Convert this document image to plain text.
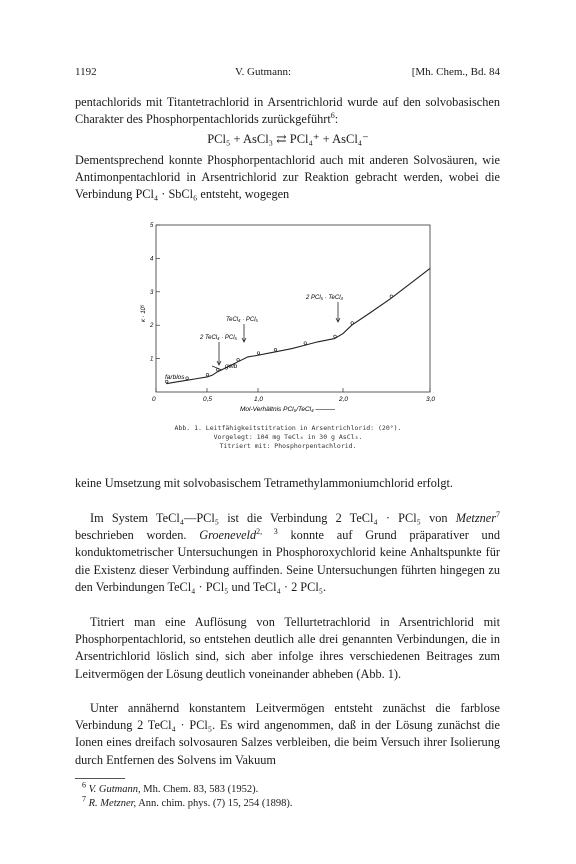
1192	V. Gutmann:	[Mh. Chem., Bd. 84

pentachlorids mit Titantetrachlorid in Arsentrichlorid wurde auf den solvobasischen Charakter des Phosphorpentachlorids zurückgeführt$^6$:

PCl₅ + AsCl₃ ⇄ PCl₄⁺ + AsCl₄⁻

Dementsprechend konnte Phosphorpentachlorid auch mit anderen Solvosäuren, wie Antimonpentachlorid in Arsentrichlorid zur Reaktion gebracht werden, wobei die Verbindung PCl₄ · SbCl₆ entsteht, wogegen

1
2
3
4
5
0	0,5	1,0	2,0	3,0
κ · 10⁵
Mol-Verhältnis PCl₅/TeCl₄ ———
farblos
gelb
2 TeCl₄ · PCl₅
TeCl₄ · PCl₅
2 PCl₅ · TeCl₄
Abb. 1. Leitfähigkeitstitration in Arsentrichlorid: (20°).
Vorgelegt: 104 mg TeCl₄ in 30 g AsCl₃.
Titriert mit: Phosphorpentachlorid.

keine Umsetzung mit solvobasischem Tetramethylammoniumchlorid erfolgt.

Im System TeCl₄—PCl₅ ist die Verbindung 2 TeCl₄ · PCl₅ von Metzner$^7$ beschrieben worden. Groeneveld$^{2, 3}$ konnte auf Grund präparativer und konduktometrischer Untersuchungen in Phosphoroxychlorid keine Anhaltspunkte für die Existenz dieser Verbindung auffinden. Seine Untersuchungen führten hingegen zu den Verbindungen TeCl₄ · PCl₅ und TeCl₄ · 2 PCl₅.

Titriert man eine Auflösung von Tellurtetrachlorid in Arsentrichlorid mit Phosphorpentachlorid, so entstehen deutlich alle drei genannten Verbindungen, die in Arsentrichlorid löslich sind, sich aber infolge ihres verschiedenen Beitrages zum Leitvermögen der Lösung deutlich voneinander abheben (Abb. 1).

Unter annähernd konstantem Leitvermögen entsteht zunächst die farblose Verbindung 2 TeCl₄ · PCl₅. Es wird angenommen, daß in der Lösung zunächst die Ionen eines dreifach solvosauren Salzes verbleiben, die beim Versuch ihrer Isolierung durch Entfernen des Solvens im Vakuum

$^6$ V. Gutmann, Mh. Chem. 83, 583 (1952).
$^7$ R. Metzner, Ann. chim. phys. (7) 15, 254 (1898).
